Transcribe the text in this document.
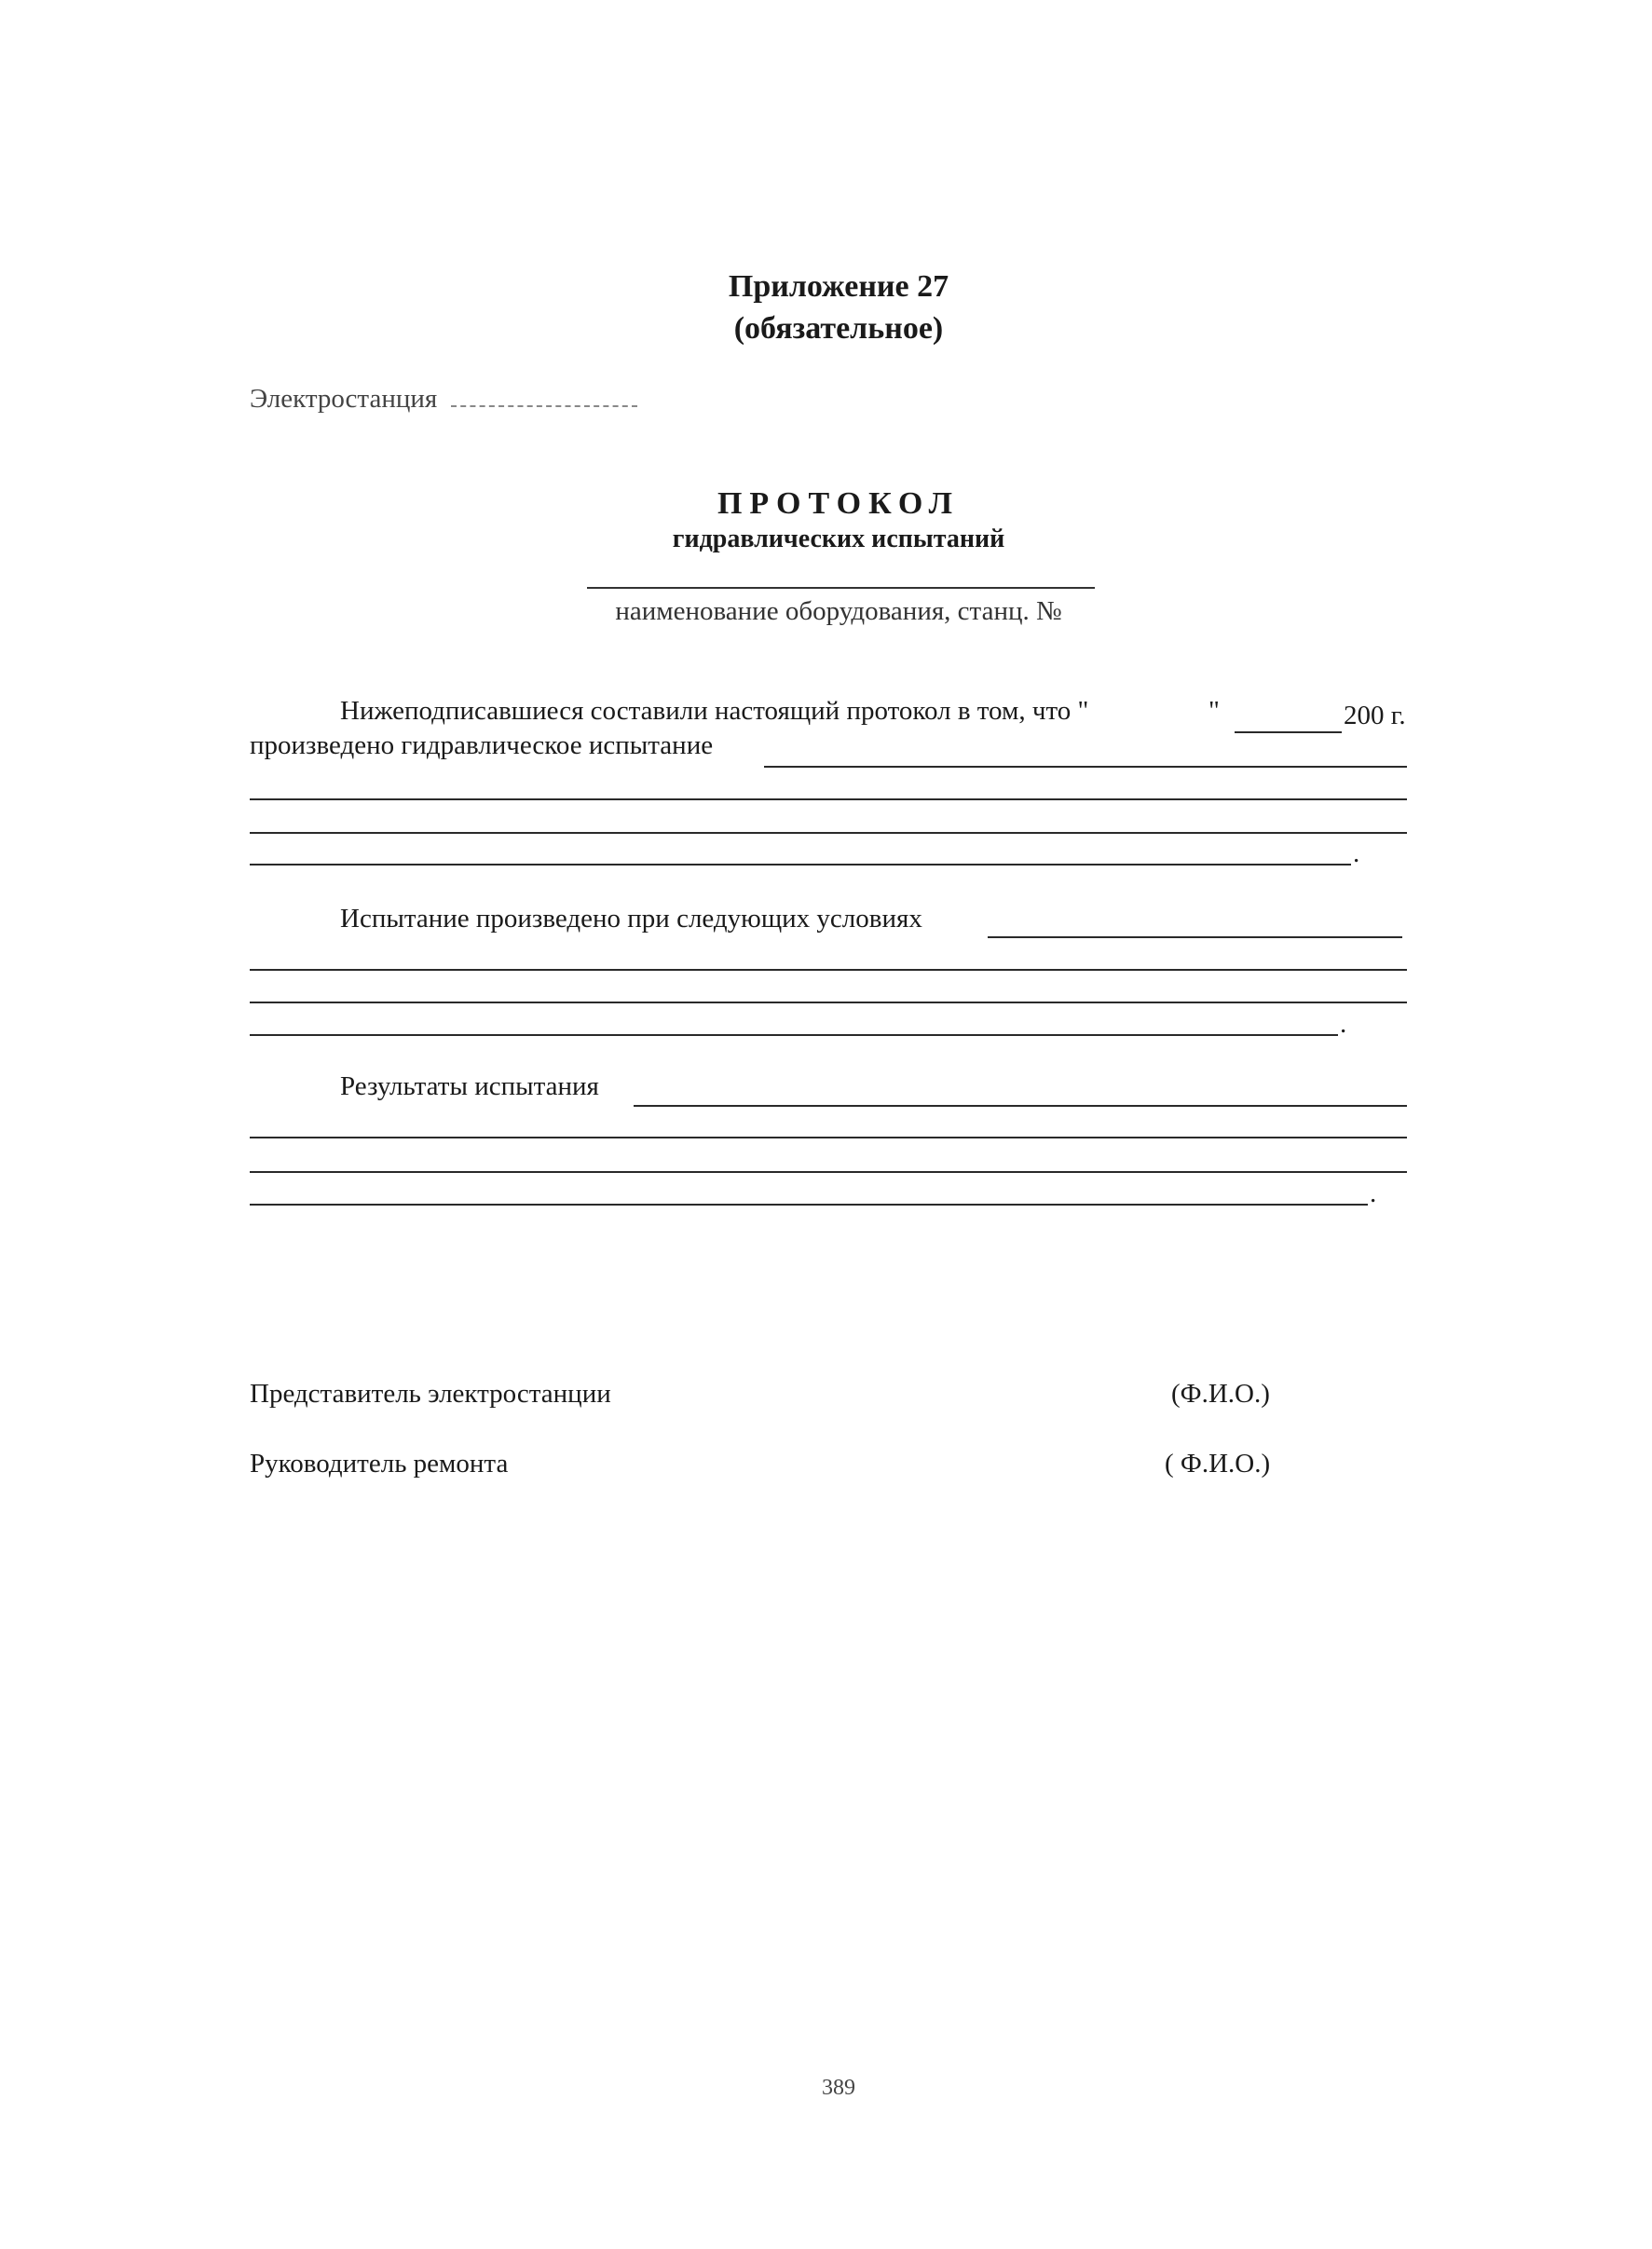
Приложение 27
(обязательное)
Электростанция
ПРОТОКОЛ
гидравлических испытаний
наименование оборудования, станц. №
Нижеподписавшиеся составили настоящий протокол в том, что "	"	200 г.
произведено гидравлическое испытание
.
Испытание произведено при следующих условиях
.
Результаты испытания
.
Представитель электростанции	(Ф.И.О.)
Руководитель ремонта	( Ф.И.О.)
389
